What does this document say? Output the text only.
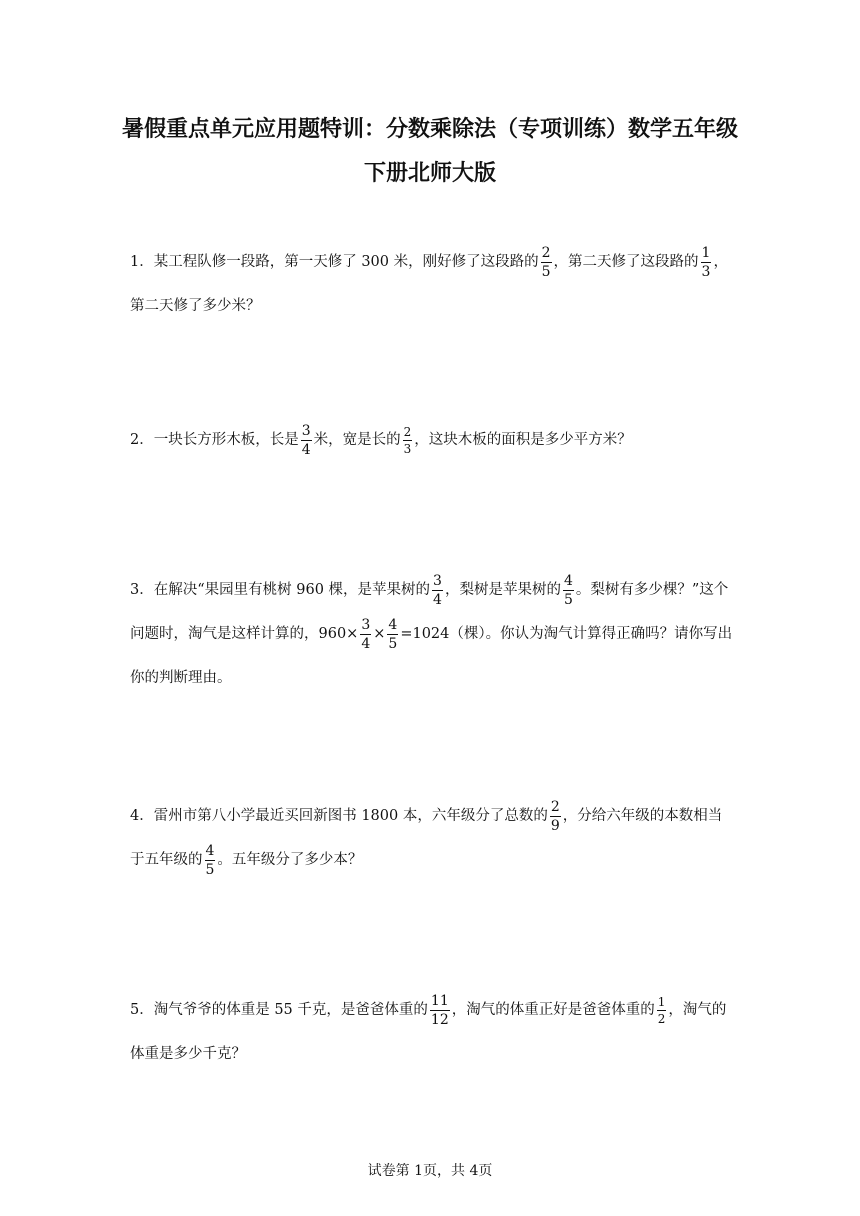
暑假重点单元应用题特训：分数乘除法（专项训练）数学五年级
下册北师大版

1．某工程队修一段路，第一天修了 300 米，刚好修了这段路的 $\frac{2}{5}$ ，第二天修了这段路的 $\frac{1}{3}$ ，第二天修了多少米？

2．一块长方形木板，长是 $\frac{3}{4}$ 米，宽是长的 $\frac{2}{3}$ ，这块木板的面积是多少平方米？

3．在解决“果园里有桃树 960 棵，是苹果树的 $\frac{3}{4}$ ，梨树是苹果树的 $\frac{4}{5}$ 。梨树有多少棵？”这个问题时，淘气是这样计算的，$960\times \frac{3}{4} \times \frac{4}{5} =1024$（棵）。你认为淘气计算得正确吗？请你写出你的判断理由。

4．雷州市第八小学最近买回新图书 1800 本，六年级分了总数的 $\frac{2}{9}$ ，分给六年级的本数相当于五年级的 $\frac{4}{5}$ 。五年级分了多少本？

5．淘气爷爷的体重是 55 千克，是爸爸体重的 $\frac{11}{12}$ ，淘气的体重正好是爸爸体重的 $\frac{1}{2}$ ，淘气的体重是多少千克？

试卷第 1页，共 4页
